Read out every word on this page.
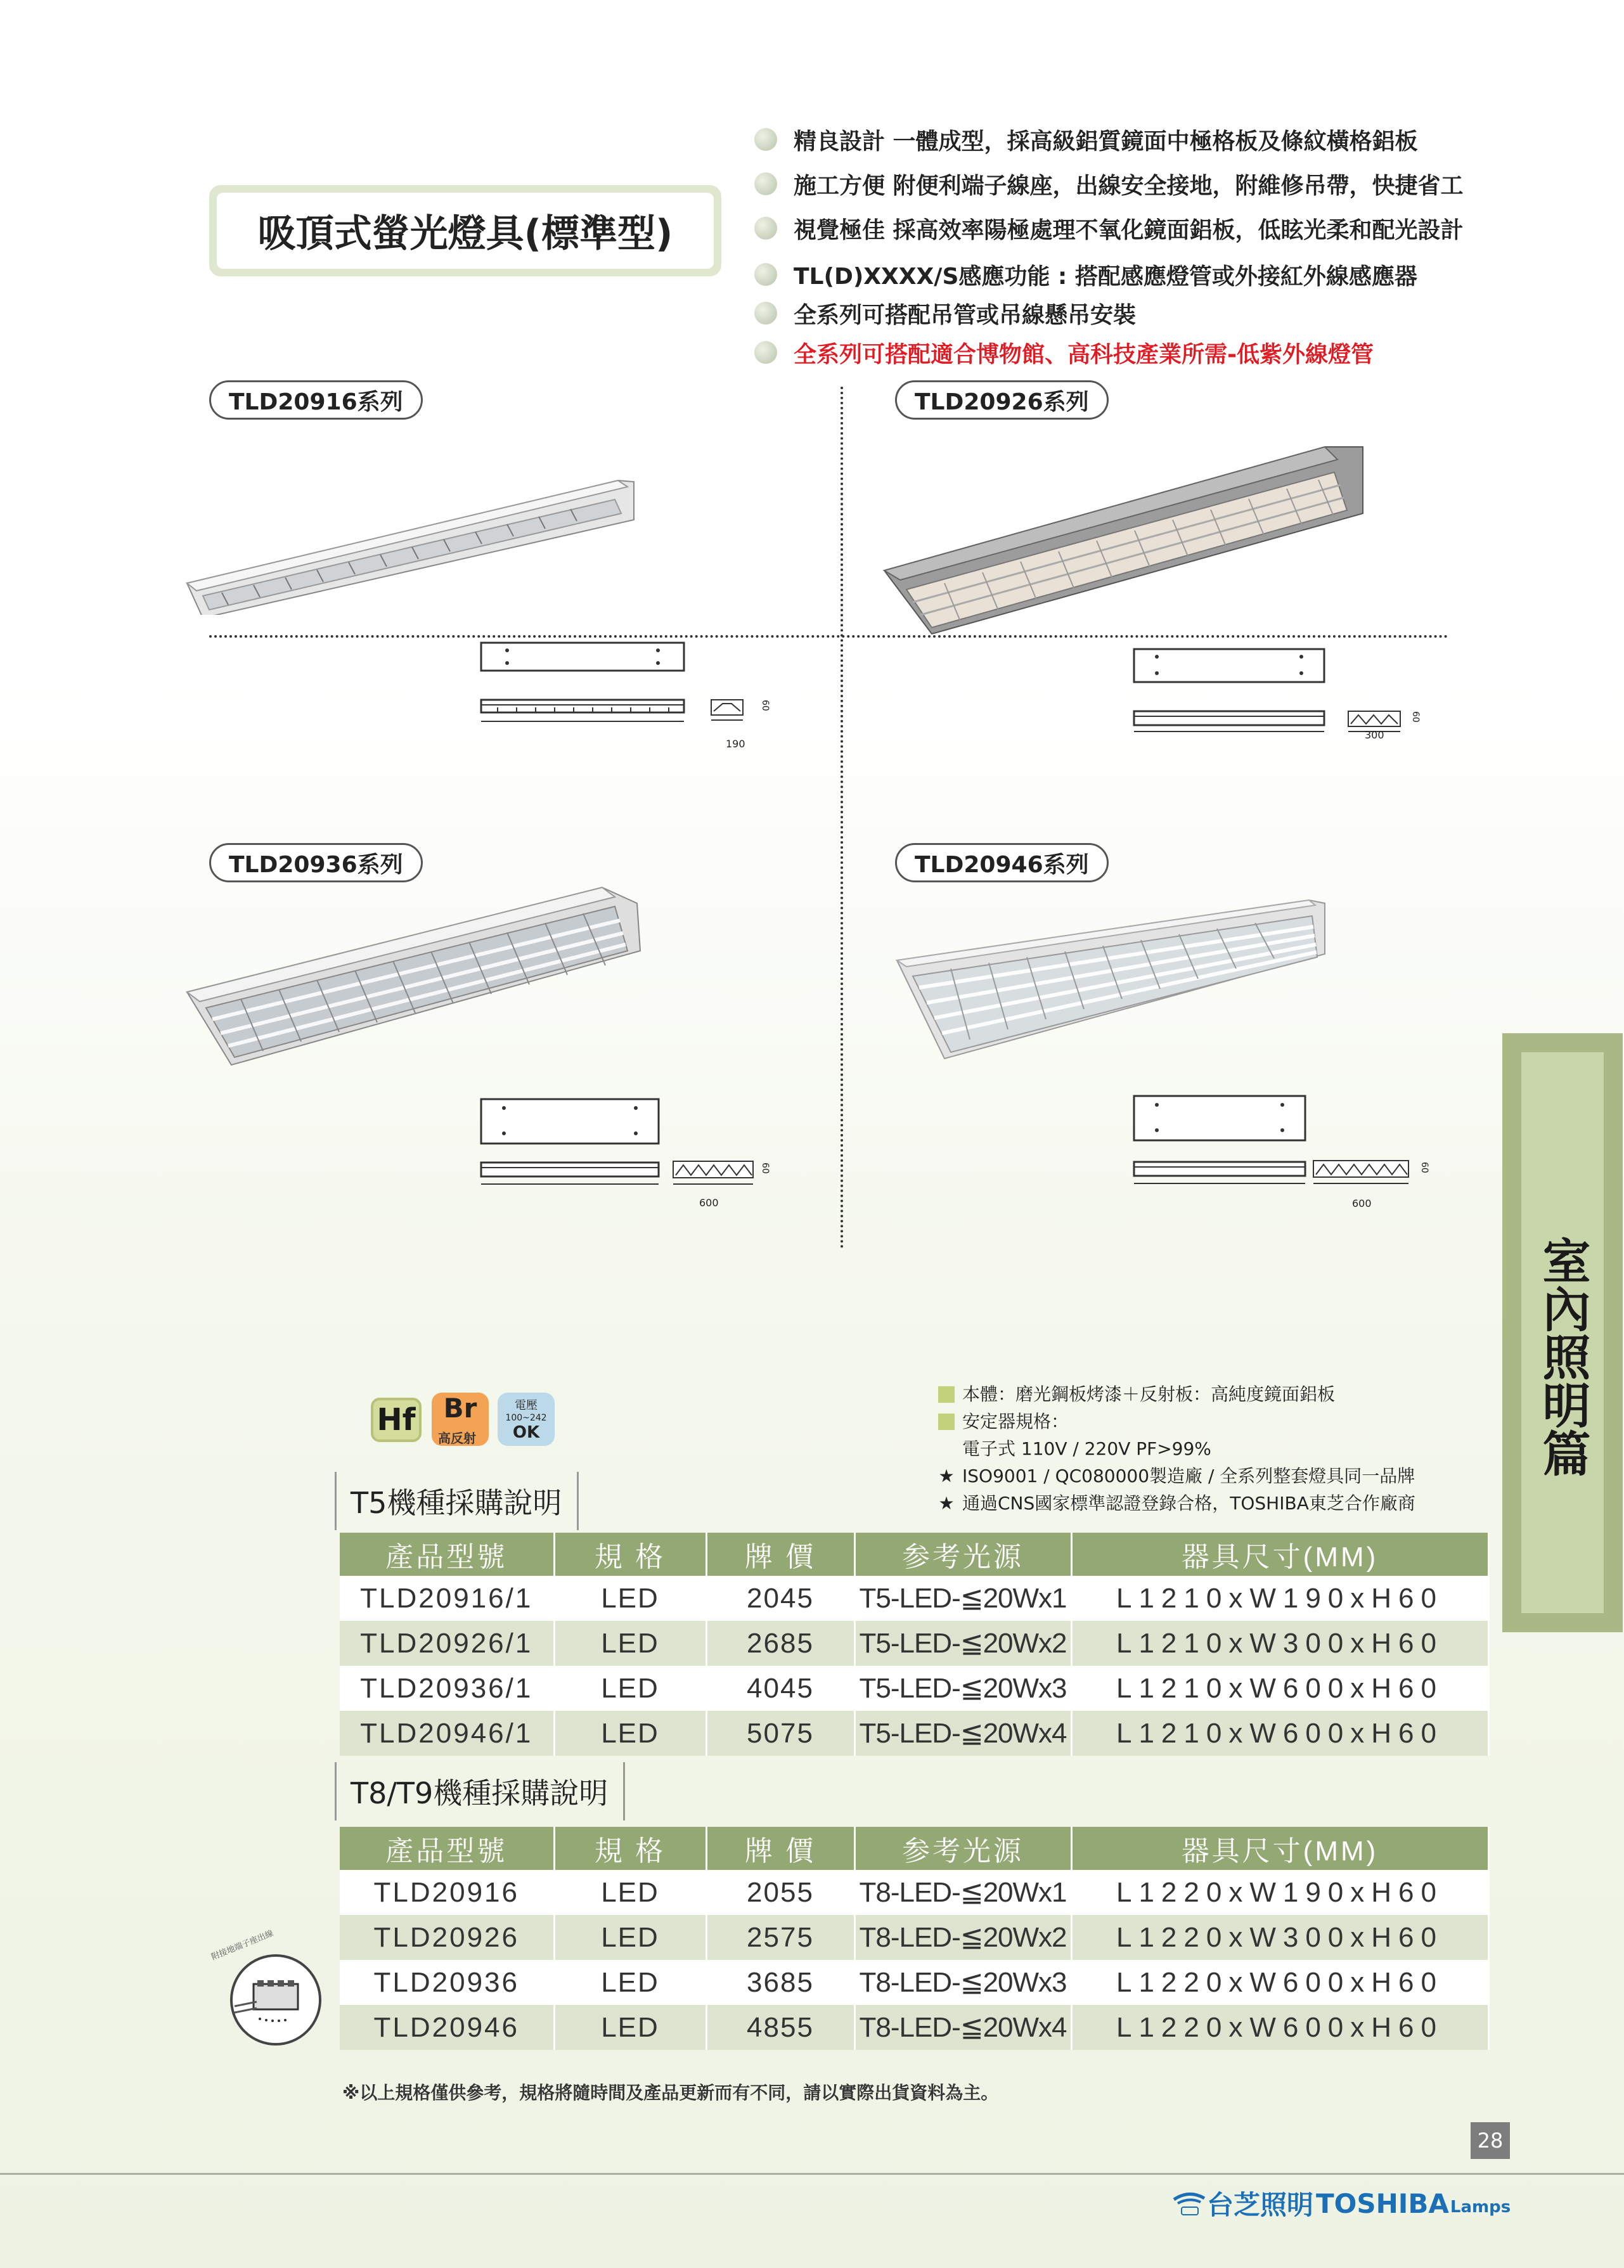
吸頂式螢光燈具(標準型)
精良設計 一體成型，採高級鋁質鏡面中極格板及條紋橫格鋁板
施工方便 附便利端子線座，出線安全接地，附維修吊帶，快捷省工
視覺極佳 採高效率陽極處理不氧化鏡面鋁板，低眩光柔和配光設計
TL(D)XXXX/S感應功能 : 搭配感應燈管或外接紅外線感應器
全系列可搭配吊管或吊線懸吊安裝
全系列可搭配適合博物館、高科技產業所需-低紫外線燈管
TLD20916系列	TLD20926系列
TLD20936系列	TLD20946系列
60
190
60
300
60
600
60
600
室內照明篇
Hf	Br
高反射
電壓
100~242
OK
本體：磨光鋼板烤漆＋反射板：高純度鏡面鋁板
安定器規格：
電子式 110V / 220V PF>99%
★ ISO9001 / QC080000製造廠 / 全系列整套燈具同一品牌
★ 通過CNS國家標準認證登錄合格，TOSHIBA東芝合作廠商
T5機種採購說明
產品型號	規 格	牌 價	参考光源	器具尺寸(MM)
TLD20916/1	LED	2045	T5-LED-≦20Wx1	L1210xW190xH60
TLD20926/1	LED	2685	T5-LED-≦20Wx2	L1210xW300xH60
TLD20936/1	LED	4045	T5-LED-≦20Wx3	L1210xW600xH60
TLD20946/1	LED	5075	T5-LED-≦20Wx4	L1210xW600xH60
T8/T9機種採購說明
產品型號	規 格	牌 價	参考光源	器具尺寸(MM)
TLD20916	LED	2055	T8-LED-≦20Wx1	L1220xW190xH60
TLD20926	LED	2575	T8-LED-≦20Wx2	L1220xW300xH60
TLD20936	LED	3685	T8-LED-≦20Wx3	L1220xW600xH60
TLD20946	LED	4855	T8-LED-≦20Wx4	L1220xW600xH60
附接地端子座出線
※以上規格僅供參考，規格將隨時間及產品更新而有不同，請以實際出貨資料為主。
28
台芝照明 TOSHIBA Lamps
